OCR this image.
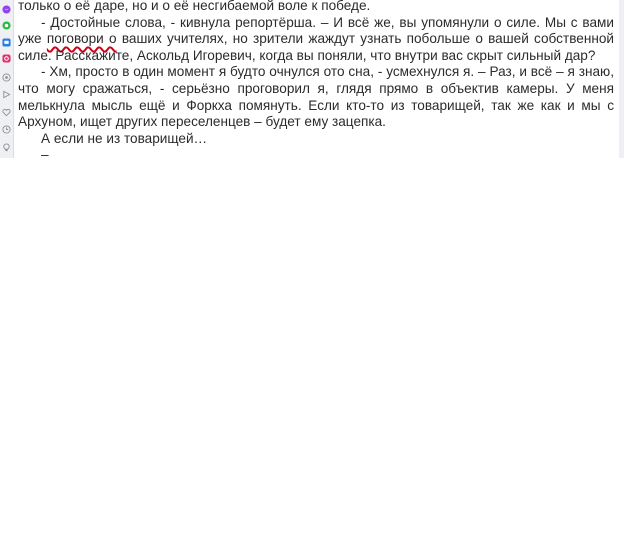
только о её даре, но и о её несгибаемой воле к победе.

- Достойные слова, - кивнула репортёрша. – И всё же, вы упомянули о силе. Мы с вами уже поговори о ваших учителях, но зрители жаждут узнать побольше о вашей собственной силе. Расскажите, Аскольд Игоревич, когда вы поняли, что внутри вас скрыт сильный дар?

- Хм, просто в один момент я будто очнулся ото сна, - усмехнулся я. – Раз, и всё – я знаю, что могу сражаться, - серьёзно проговорил я, глядя прямо в объектив камеры. У меня мелькнула мысль ещё и Форкха помянуть. Если кто-то из товарищей, так же как и мы с Архуном, ищет других переселенцев – будет ему зацепка.

А если не из товарищей…

–
